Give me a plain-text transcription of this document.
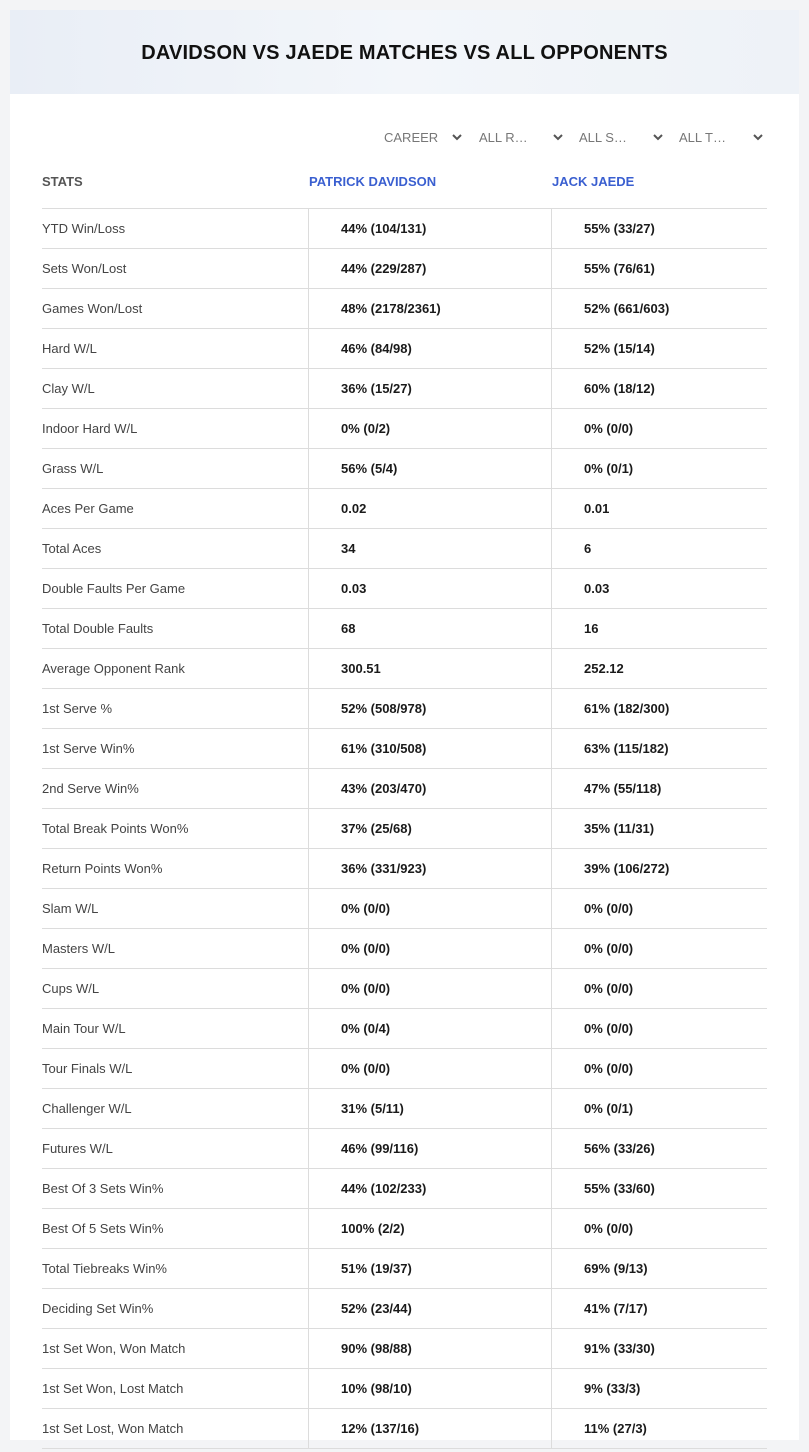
DAVIDSON VS JAEDE MATCHES VS ALL OPPONENTS
CAREER	ALL R…	ALL S…	ALL T…
STATS	PATRICK DAVIDSON	JACK JAEDE
YTD Win/Loss	44% (104/131)	55% (33/27)
Sets Won/Lost	44% (229/287)	55% (76/61)
Games Won/Lost	48% (2178/2361)	52% (661/603)
Hard W/L	46% (84/98)	52% (15/14)
Clay W/L	36% (15/27)	60% (18/12)
Indoor Hard W/L	0% (0/2)	0% (0/0)
Grass W/L	56% (5/4)	0% (0/1)
Aces Per Game	0.02	0.01
Total Aces	34	6
Double Faults Per Game	0.03	0.03
Total Double Faults	68	16
Average Opponent Rank	300.51	252.12
1st Serve %	52% (508/978)	61% (182/300)
1st Serve Win%	61% (310/508)	63% (115/182)
2nd Serve Win%	43% (203/470)	47% (55/118)
Total Break Points Won%	37% (25/68)	35% (11/31)
Return Points Won%	36% (331/923)	39% (106/272)
Slam W/L	0% (0/0)	0% (0/0)
Masters W/L	0% (0/0)	0% (0/0)
Cups W/L	0% (0/0)	0% (0/0)
Main Tour W/L	0% (0/4)	0% (0/0)
Tour Finals W/L	0% (0/0)	0% (0/0)
Challenger W/L	31% (5/11)	0% (0/1)
Futures W/L	46% (99/116)	56% (33/26)
Best Of 3 Sets Win%	44% (102/233)	55% (33/60)
Best Of 5 Sets Win%	100% (2/2)	0% (0/0)
Total Tiebreaks Win%	51% (19/37)	69% (9/13)
Deciding Set Win%	52% (23/44)	41% (7/17)
1st Set Won, Won Match	90% (98/88)	91% (33/30)
1st Set Won, Lost Match	10% (98/10)	9% (33/3)
1st Set Lost, Won Match	12% (137/16)	11% (27/3)
